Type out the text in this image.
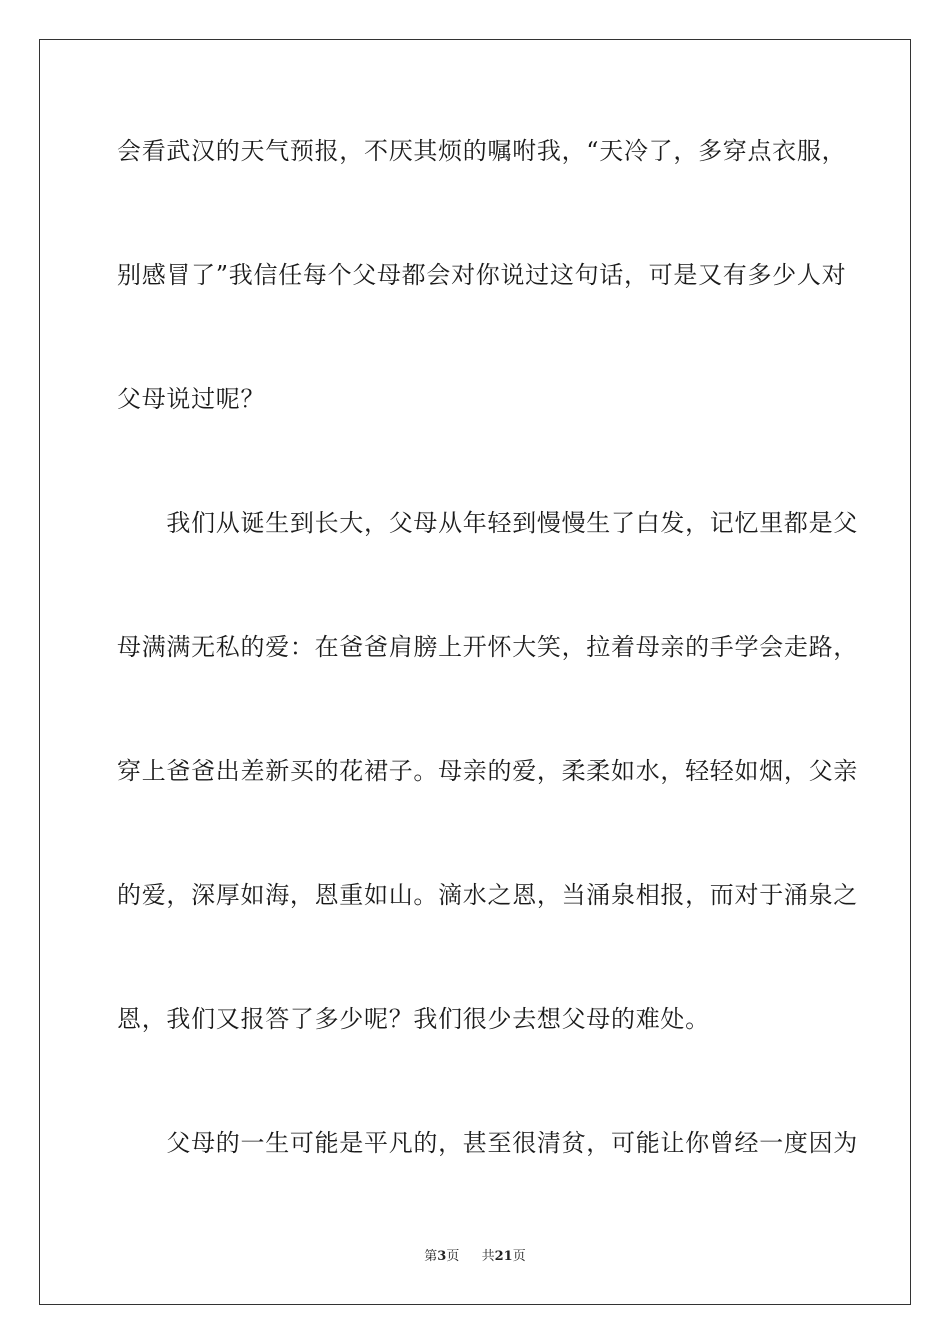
会看武汉的天气预报，不厌其烦的嘱咐我，“天冷了，多穿点衣服，

别感冒了”我信任每个父母都会对你说过这句话，可是又有多少人对

父母说过呢？

　　我们从诞生到长大，父母从年轻到慢慢生了白发，记忆里都是父

母满满无私的爱：在爸爸肩膀上开怀大笑，拉着母亲的手学会走路，

穿上爸爸出差新买的花裙子。母亲的爱，柔柔如水，轻轻如烟，父亲

的爱，深厚如海，恩重如山。滴水之恩，当涌泉相报，而对于涌泉之

恩，我们又报答了多少呢？我们很少去想父母的难处。

　　父母的一生可能是平凡的，甚至很清贫，可能让你曾经一度因为

第3页 共21页
